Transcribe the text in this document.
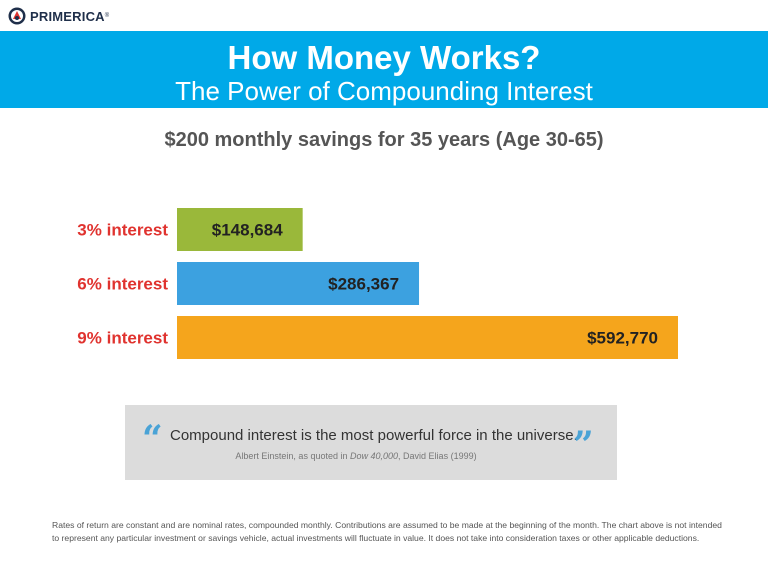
PRIMERICA ®
How Money Works?
The Power of Compounding Interest
$200 monthly savings for 35 years (Age 30-65)
3% interest	$148,684
6% interest	$286,367
9% interest	$592,770
“ Compound interest is the most powerful force in the universe.
”
Albert Einstein, as quoted in Dow 40,000, David Elias (1999)
Rates of return are constant and are nominal rates, compounded monthly. Contributions are assumed to be made at the beginning of the month. The chart above is not intended
to represent any particular investment or savings vehicle, actual investments will fluctuate in value. It does not take into consideration taxes or other applicable deductions.
